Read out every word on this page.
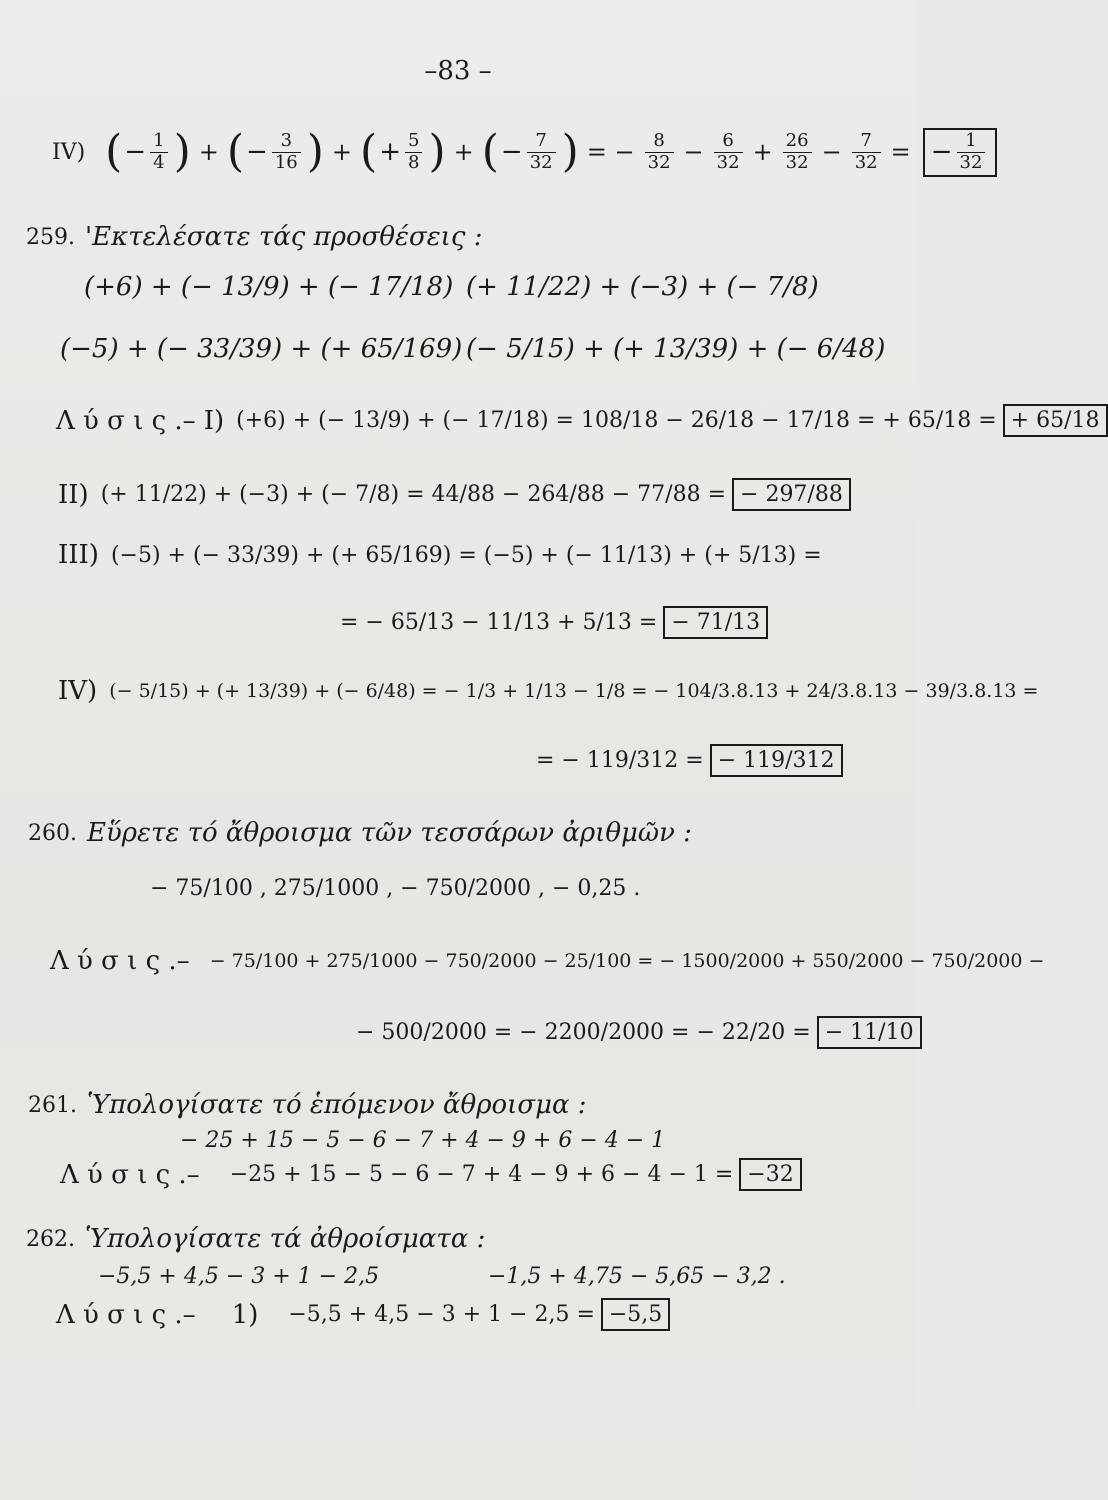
–83 –
IV) ( − $\frac{1}{4}$ ) + ( − $\frac{3}{16}$ ) + ( + $\frac{5}{8}$ ) + ( − $\frac{7}{32}$ ) = − $\frac{8}{32} - \frac{6}{32} + \frac{26}{32} - \frac{7}{32}$ = − $\frac{1}{32}$
259. 'Εκτελέσατε τάς προσθέσεις :
(+6) + (− 13/9) + (− 17/18) (+ 11/22) + (−3) + (− 7/8)
(−5) + (− 33/39) + (+ 65/169) (− 5/15) + (+ 13/39) + (− 6/48)
Λ ύ σ ι ς .– I) (+6) + (− 13/9) + (− 17/18) = 108/18 − 26/18 − 17/18 = + 65/18 = + 65/18
II) (+ 11/22) + (−3) + (− 7/8) = 44/88 − 264/88 − 77/88 = − 297/88
III) (−5) + (− 33/39) + (+ 65/169) = (−5) + (− 11/13) + (+ 5/13) =
= − 65/13 − 11/13 + 5/13 = − 71/13
IV) (− 5/15) + (+ 13/39) + (− 6/48) = − 1/3 + 1/13 − 1/8 = − 104/3.8.13 + 24/3.8.13 − 39/3.8.13 =
= − 119/312 = − 119/312
260. Εὕρετε τό ἄθροισμα τῶν τεσσάρων ἀριθμῶν :
− 75/100 , 275/1000 , − 750/2000 , − 0,25 .
Λ ύ σ ι ς .– − 75/100 + 275/1000 − 750/2000 − 25/100 = − 1500/2000 + 550/2000 − 750/2000 −
− 500/2000 = − 2200/2000 = − 22/20 = − 11/10
261. Ὑπολογίσατε τό ἑπόμενον ἄθροισμα :
− 25 + 15 − 5 − 6 − 7 + 4 − 9 + 6 − 4 − 1
Λ ύ σ ι ς .– −25 + 15 − 5 − 6 − 7 + 4 − 9 + 6 − 4 − 1 = −32
262. Ὑπολογίσατε τά ἀθροίσματα :
−5,5 + 4,5 − 3 + 1 − 2,5	−1,5 + 4,75 − 5,65 − 3,2 .
Λ ύ σ ι ς .– 1) −5,5 + 4,5 − 3 + 1 − 2,5 = −5,5
